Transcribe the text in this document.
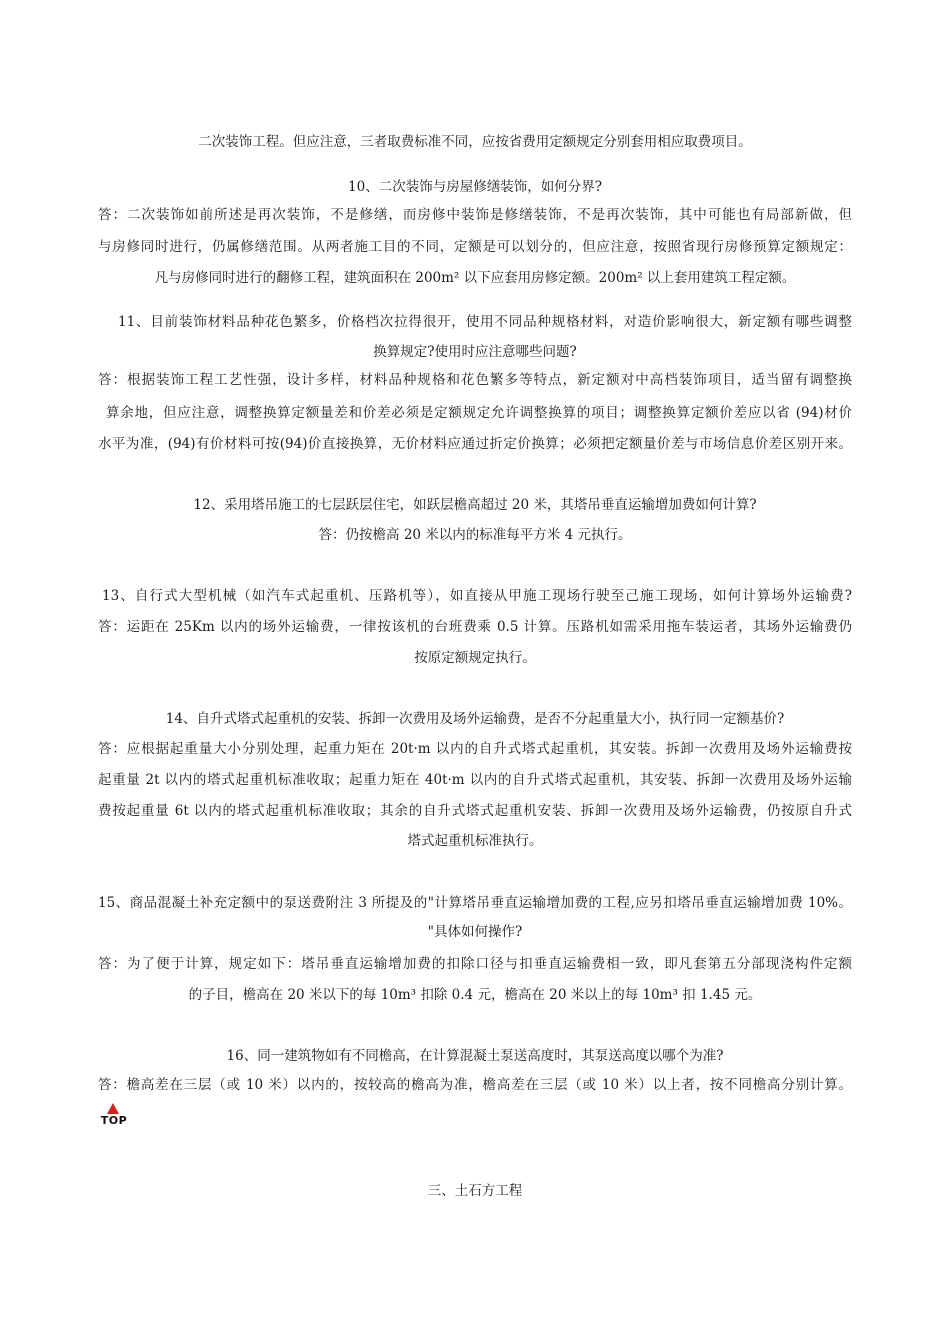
二次装饰工程。但应注意，三者取费标准不同，应按省费用定额规定分别套用相应取费项目。
10、二次装饰与房屋修缮装饰，如何分界?
答：二次装饰如前所述是再次装饰，不是修缮，而房修中装饰是修缮装饰，不是再次装饰，其中可能也有局部新做，但
与房修同时进行，仍属修缮范围。从两者施工目的不同，定额是可以划分的，但应注意，按照省现行房修预算定额规定：
凡与房修同时进行的翻修工程，建筑面积在 200m² 以下应套用房修定额。200m² 以上套用建筑工程定额。
11、目前装饰材料品种花色繁多，价格档次拉得很开，使用不同品种规格材料，对造价影响很大，新定额有哪些调整
换算规定?使用时应注意哪些问题?
答：根据装饰工程工艺性强，设计多样，材料品种规格和花色繁多等特点，新定额对中高档装饰项目，适当留有调整换
算余地，但应注意，调整换算定额量差和价差必须是定额规定允许调整换算的项目；调整换算定额价差应以省 (94)材价
水平为准，(94)有价材料可按(94)价直接换算，无价材料应通过折定价换算；必须把定额量价差与市场信息价差区别开来。
12、采用塔吊施工的七层跃层住宅，如跃层檐高超过 20 米，其塔吊垂直运输增加费如何计算?
答：仍按檐高 20 米以内的标准每平方米 4 元执行。
13、自行式大型机械（如汽车式起重机、压路机等），如直接从甲施工现场行驶至己施工现场，如何计算场外运输费?
答：运距在 25Km 以内的场外运输费，一律按该机的台班费乘 0.5 计算。压路机如需采用拖车装运者，其场外运输费仍
按原定额规定执行。
14、自升式塔式起重机的安装、拆卸一次费用及场外运输费，是否不分起重量大小，执行同一定额基价?
答：应根据起重量大小分别处理，起重力矩在 20t·m 以内的自升式塔式起重机，其安装。拆卸一次费用及场外运输费按
起重量 2t 以内的塔式起重机标准收取；起重力矩在 40t·m 以内的自升式塔式起重机，其安装、拆卸一次费用及场外运输
费按起重量 6t 以内的塔式起重机标准收取；其余的自升式塔式起重机安装、拆卸一次费用及场外运输费，仍按原自升式
塔式起重机标准执行。
15、商品混凝土补充定额中的泵送费附注 3 所提及的"计算塔吊垂直运输增加费的工程,应另扣塔吊垂直运输增加费 10%。
"具体如何操作?
答：为了便于计算，规定如下：塔吊垂直运输增加费的扣除口径与扣垂直运输费相一致，即凡套第五分部现浇构件定额
的子目，檐高在 20 米以下的每 10m³ 扣除 0.4 元，檐高在 20 米以上的每 10m³ 扣 1.45 元。
16、同一建筑物如有不同檐高，在计算混凝土泵送高度时，其泵送高度以哪个为准?
答：檐高差在三层（或 10 米）以内的，按较高的檐高为准，檐高差在三层（或 10 米）以上者，按不同檐高分别计算。
TOP
三、土石方工程
